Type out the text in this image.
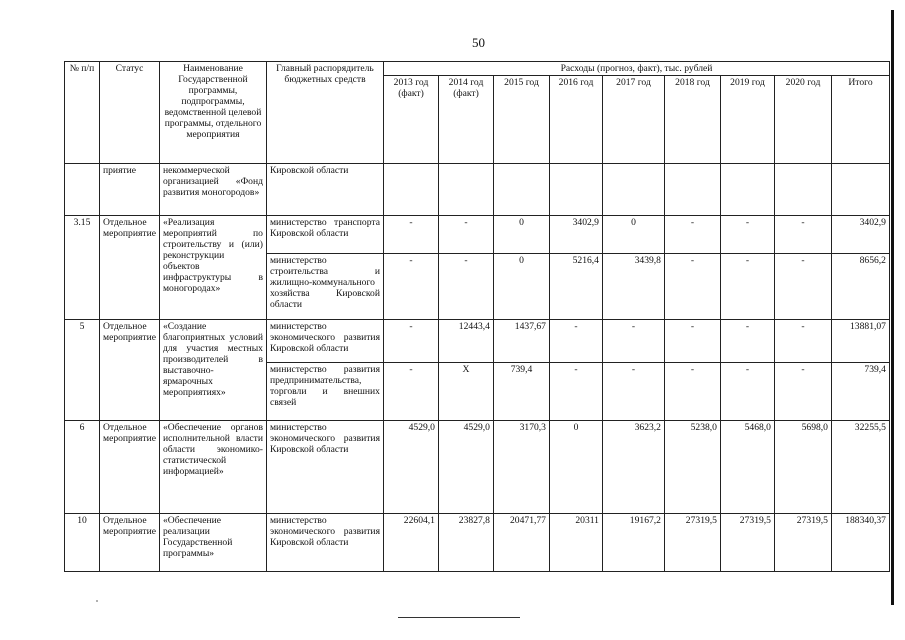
50
№ п/п	Статус	Наименование Государственной программы, подпрограммы, ведомственной целевой программы, отдельного мероприятия	Главный распорядитель бюджетных средств	Расходы (прогноз, факт), тыс. рублей								
				2013 год (факт)	2014 год (факт)	2015 год	2016 год	2017 год	2018 год	2019 год	2020 год	Итого
	приятие	некоммерческой организацией «Фонд развития моногородов»	Кировской области									
3.15	Отдельное мероприятие	«Реализация мероприятий по строительству и (или) реконструкции объектов инфраструктуры в моногородах»	министерство транспорта Кировской области	-	-	0	3402,9	0	-	-	-	3402,9
			министерство строительства и жилищно-коммунального хозяйства Кировской области	-	-	0	5216,4	3439,8	-	-	-	8656,2
5	Отдельное мероприятие	«Создание благоприятных условий для участия местных производителей в выставочно-ярмарочных мероприятиях»	министерство экономического развития Кировской области	-	12443,4	1437,67	-	-	-	-	-	13881,07
			министерство развития предпринимательства, торговли и внешних связей	-	X	739,4	-	-	-	-	-	739,4
6	Отдельное мероприятие	«Обеспечение органов исполнительной власти области экономико-статистической информацией»	министерство экономического развития Кировской области	4529,0	4529,0	3170,3	0	3623,2	5238,0	5468,0	5698,0	32255,5
10	Отдельное мероприятие	«Обеспечение реализации Государственной программы»	министерство экономического развития Кировской области	22604,1	23827,8	20471,77	20311	19167,2	27319,5	27319,5	27319,5	188340,37
